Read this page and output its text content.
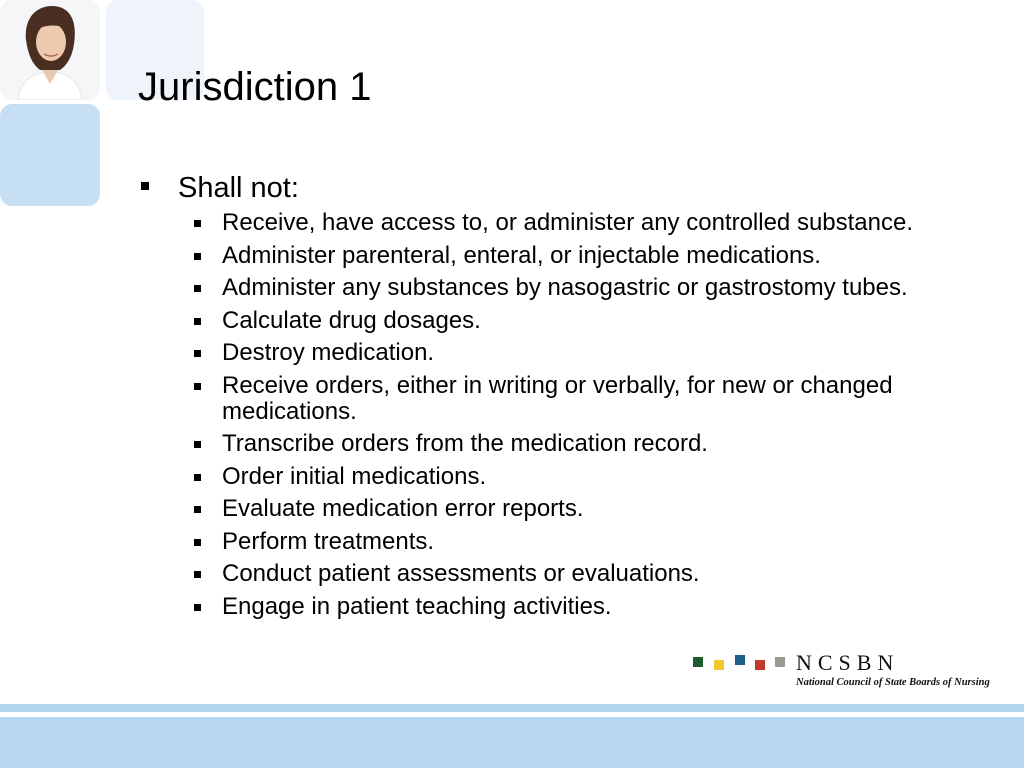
Jurisdiction 1
Shall not:
Receive, have access to, or administer any controlled substance.
Administer parenteral, enteral, or injectable medications.
Administer any substances by nasogastric or gastrostomy tubes.
Calculate drug dosages.
Destroy medication.
Receive orders, either in writing or verbally, for new or changed medications.
Transcribe orders from the medication record.
Order initial medications.
Evaluate medication error reports.
Perform treatments.
Conduct patient assessments or evaluations.
Engage in patient teaching activities.
NCSBN
National Council of State Boards of Nursing
